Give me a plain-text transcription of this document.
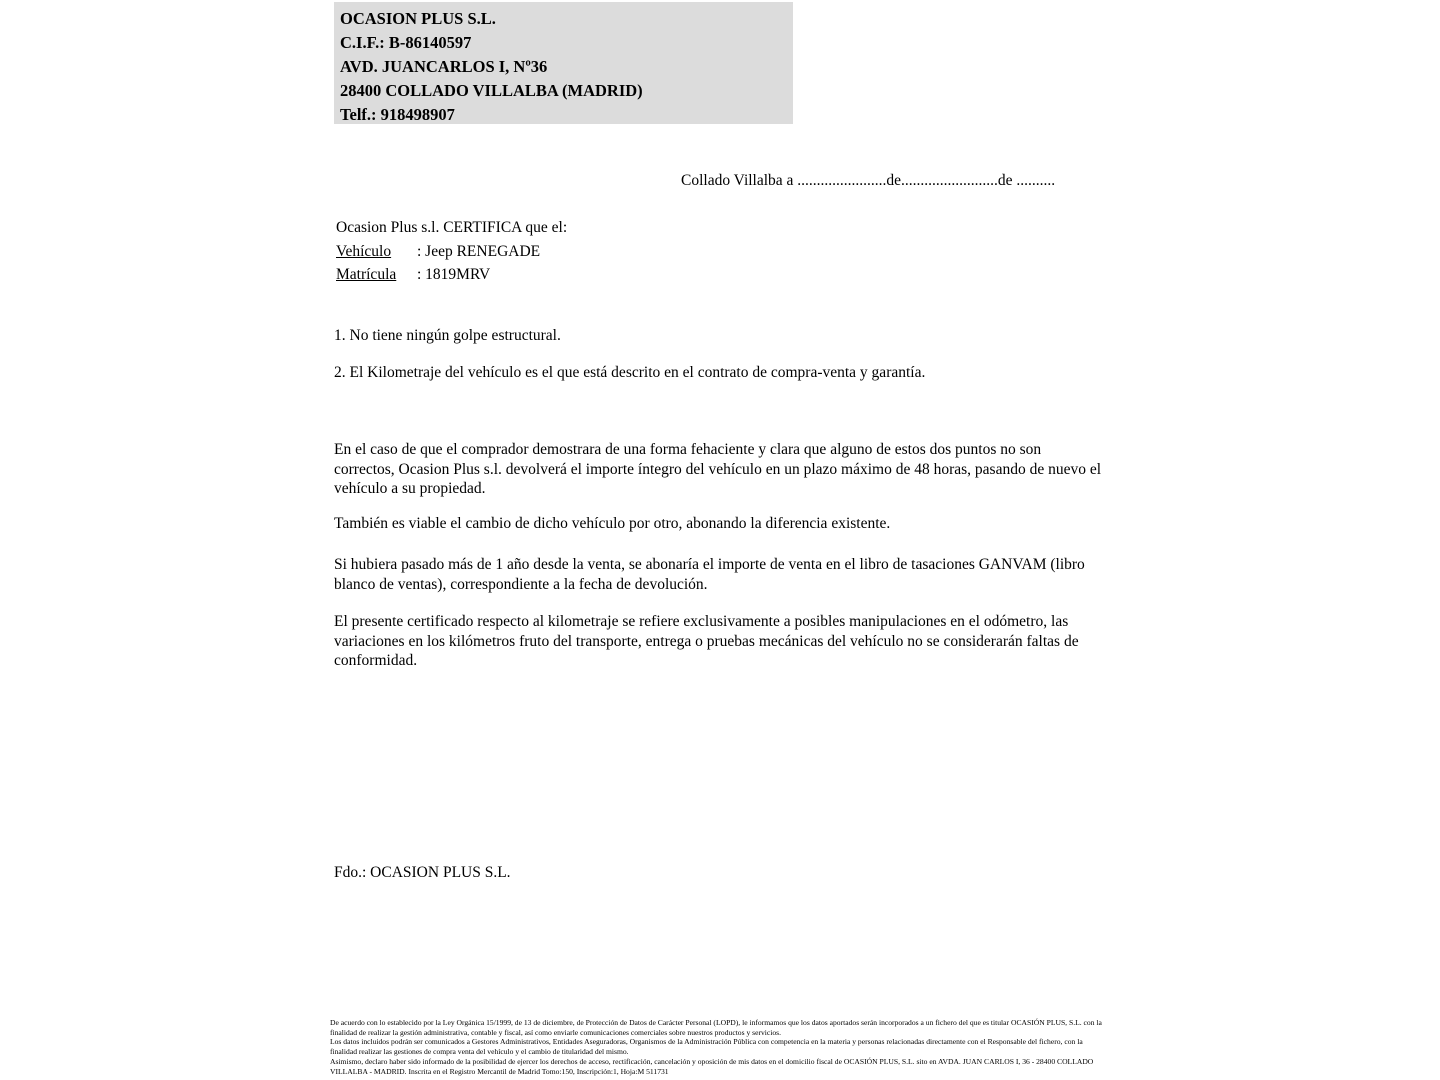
OCASION PLUS S.L.
C.I.F.: B-86140597
AVD. JUANCARLOS I, Nº36
28400 COLLADO VILLALBA (MADRID)
Telf.: 918498907
Collado Villalba a .......................de.........................de ..........
Ocasion Plus s.l. CERTIFICA que el:
Vehículo : Jeep RENEGADE
Matrícula : 1819MRV
1. No tiene ningún golpe estructural.
2. El Kilometraje del vehículo es el que está descrito en el contrato de compra-venta y garantía.
En el caso de que el comprador demostrara de una forma fehaciente y clara que alguno de estos dos puntos no son correctos, Ocasion Plus s.l. devolverá el importe íntegro del vehículo en un plazo máximo de 48 horas, pasando de nuevo el vehículo a su propiedad.
También es viable el cambio de dicho vehículo por otro, abonando la diferencia existente.
Si hubiera pasado más de 1 año desde la venta, se abonaría el importe de venta en el libro de tasaciones GANVAM (libro blanco de ventas), correspondiente a la fecha de devolución.
El presente certificado respecto al kilometraje se refiere exclusivamente a posibles manipulaciones en el odómetro, las variaciones en los kilómetros fruto del transporte, entrega o pruebas mecánicas del vehículo no se considerarán faltas de conformidad.
Fdo.: OCASION PLUS S.L.

De acuerdo con lo establecido por la Ley Orgánica 15/1999, de 13 de diciembre, de Protección de Datos de Carácter Personal (LOPD), le informamos que los datos aportados serán incorporados a un fichero del que es titular OCASIÓN PLUS, S.L. con la finalidad de realizar la gestión administrativa, contable y fiscal, así como enviarle comunicaciones comerciales sobre nuestros productos y servicios.

Los datos incluidos podrán ser comunicados a Gestores Administrativos, Entidades Aseguradoras, Organismos de la Administración Pública con competencia en la materia y personas relacionadas directamente con el Responsable del fichero, con la finalidad realizar las gestiones de compra venta del vehículo y el cambio de titularidad del mismo.

Asimismo, declaro haber sido informado de la posibilidad de ejercer los derechos de acceso, rectificación, cancelación y oposición de mis datos en el domicilio fiscal de OCASIÓN PLUS, S.L. sito en AVDA. JUAN CARLOS I, 36 - 28400 COLLADO VILLALBA - MADRID. Inscrita en el Registro Mercantil de Madrid Tomo:150, Inscripción:1, Hoja:M 511731
